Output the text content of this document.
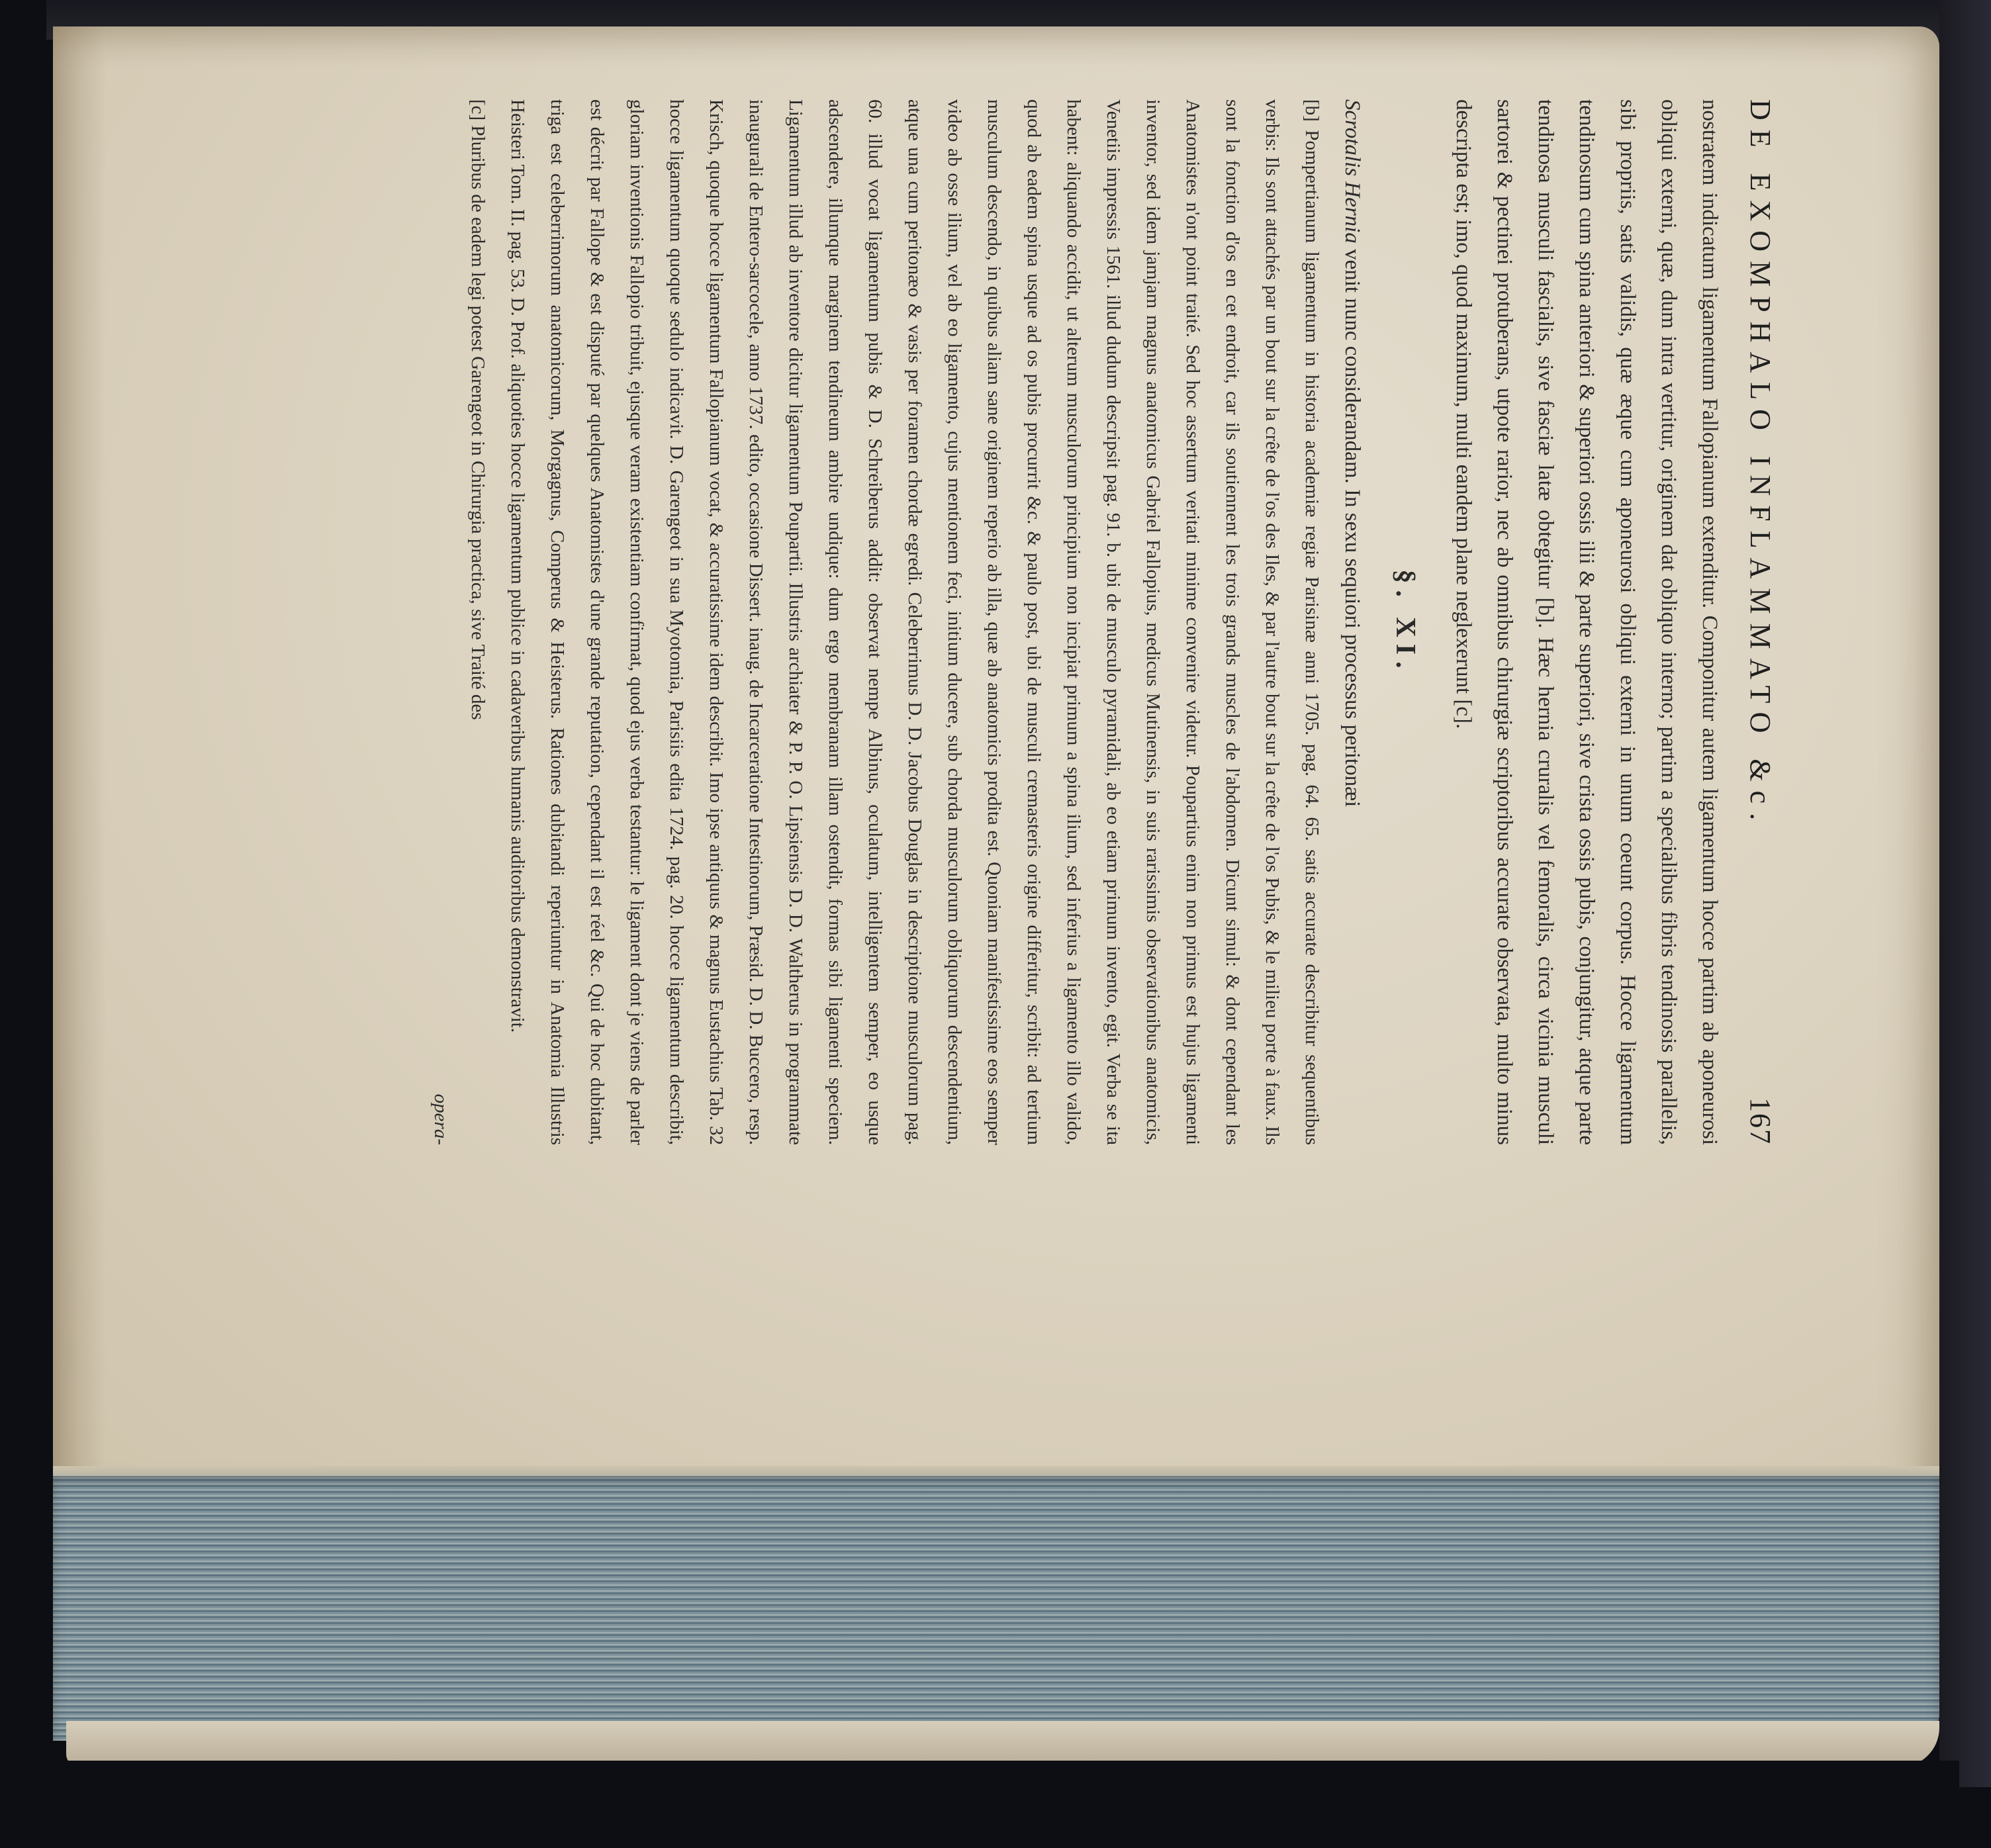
DE EXOMPHALO INFLAMMATO &c.
167

nostratem indicatum ligamentum Fallopianum extenditur. Componitur autem ligamentum hocce partim ab aponeurosi obliqui externi, quæ, dum intra vertitur, originem dat obliquo interno; partim a specialibus fibris tendinosis parallelis, sibi propriis, satis validis, quæ æque cum aponeurosi obliqui externi in unum coeunt corpus. Hocce ligamentum tendinosum cum spina anteriori & superiori ossis ilii & parte superiori, sive crista ossis pubis, conjungitur, atque parte tendinosa musculi fascialis, sive fasciæ latæ obtegitur [b]. Hæc hernia cruralis vel femoralis, circa vicinia musculi sartorei & pectinei protuberans, utpote rarior, nec ab omnibus chirurgiæ scriptoribus accurate observata, multo minus descripta est; imo, quod maximum, multi eandem plane neglexerunt [c].

§. XI.

Scrotalis Hernia venit nunc considerandam. In sexu sequiori processus peritonæi

[b] Pompertianum ligamentum in historia academiæ regiæ Parisinæ anni 1705. pag. 64. 65. satis accurate describitur sequentibus verbis: Ils sont attachés par un bout sur la crête de l'os des Iles, & par l'autre bout sur la crête de l'os Pubis, & le milieu porte à faux. Ils sont la fonction d'os en cet endroit, car ils soutiennent les trois grands muscles de l'abdomen. Dicunt simul: & dont cependant les Anatomistes n'ont point traité. Sed hoc assertum veritati minime convenire videtur. Poupartius enim non primus est hujus ligamenti inventor, sed idem jamjam magnus anatomicus Gabriel Fallopius, medicus Mutinensis, in suis rarissimis observationibus anatomicis, Venetiis impressis 1561. illud dudum descripsit pag. 91. b. ubi de musculo pyramidali, ab eo etiam primum invento, egit. Verba se ita habent: aliquando accidit, ut alterum musculorum principium non incipiat primum a spina ilium, sed inferius a ligamento illo valido, quod ab eadem spina usque ad os pubis procurrit &c. & paulo post, ubi de musculi cremasteris origine differitur, scribit: ad tertium musculum descendo, in quibus aliam sane originem reperio ab illa, quæ ab anatomicis prodita est. Quoniam manifestissime eos semper video ab osse ilium, vel ab eo ligamento, cujus mentionem feci, initium ducere, sub chorda musculorum obliquorum descendentium, atque una cum peritonæo & vasis per foramen chordæ egredi. Celeberrimus D. D. Jacobus Douglas in descriptione musculorum pag. 60. illud vocat ligamentum pubis & D. Schreiberus addit: observat nempe Albinus, oculatum, intelligentem semper, eo usque adscendere, illumque marginem tendineum ambire undique: dum ergo membranam illam ostendit, formas sibi ligamenti speciem. Ligamentum illud ab inventore dicitur ligamentum Poupartii. Illustris archiater & P. P. O. Lipsiensis D. D. Waltherus in programmate inaugurali de Entero-sarcocele, anno 1737. edito, occasione Dissert. inaug. de Incarceratione Intestinorum, Præsid. D. D. Buccero, resp. Krisch, quoque hocce ligamentum Fallopianum vocat, & accuratissime idem describit. Imo ipse antiquus & magnus Eustachius Tab. 32 hocce ligamentum quoque sedulo indicavit. D. Garengeot in sua Myotomia, Parisiis edita 1724. pag. 20. hocce ligamentum describit, gloriam inventionis Fallopio tribuit, ejusque veram existentiam confirmat, quod ejus verba testantur: le ligament dont je viens de parler est décrit par Fallope & est disputé par quelques Anatomistes d'une grande reputation, cependant il est réel &c. Qui de hoc dubitant, triga est celeberrimorum anatomicorum, Morgagnus, Comperus & Heisterus. Rationes dubitandi reperiuntur in Anatomia Illustris Heisteri Tom. II. pag. 53. D. Prof. aliquoties hocce ligamentum publice in cadaveribus humanis auditoribus demonstravit.

[c] Pluribus de eadem legi potest Garengeot in Chirurgia practica, sive Traité des

opera-
